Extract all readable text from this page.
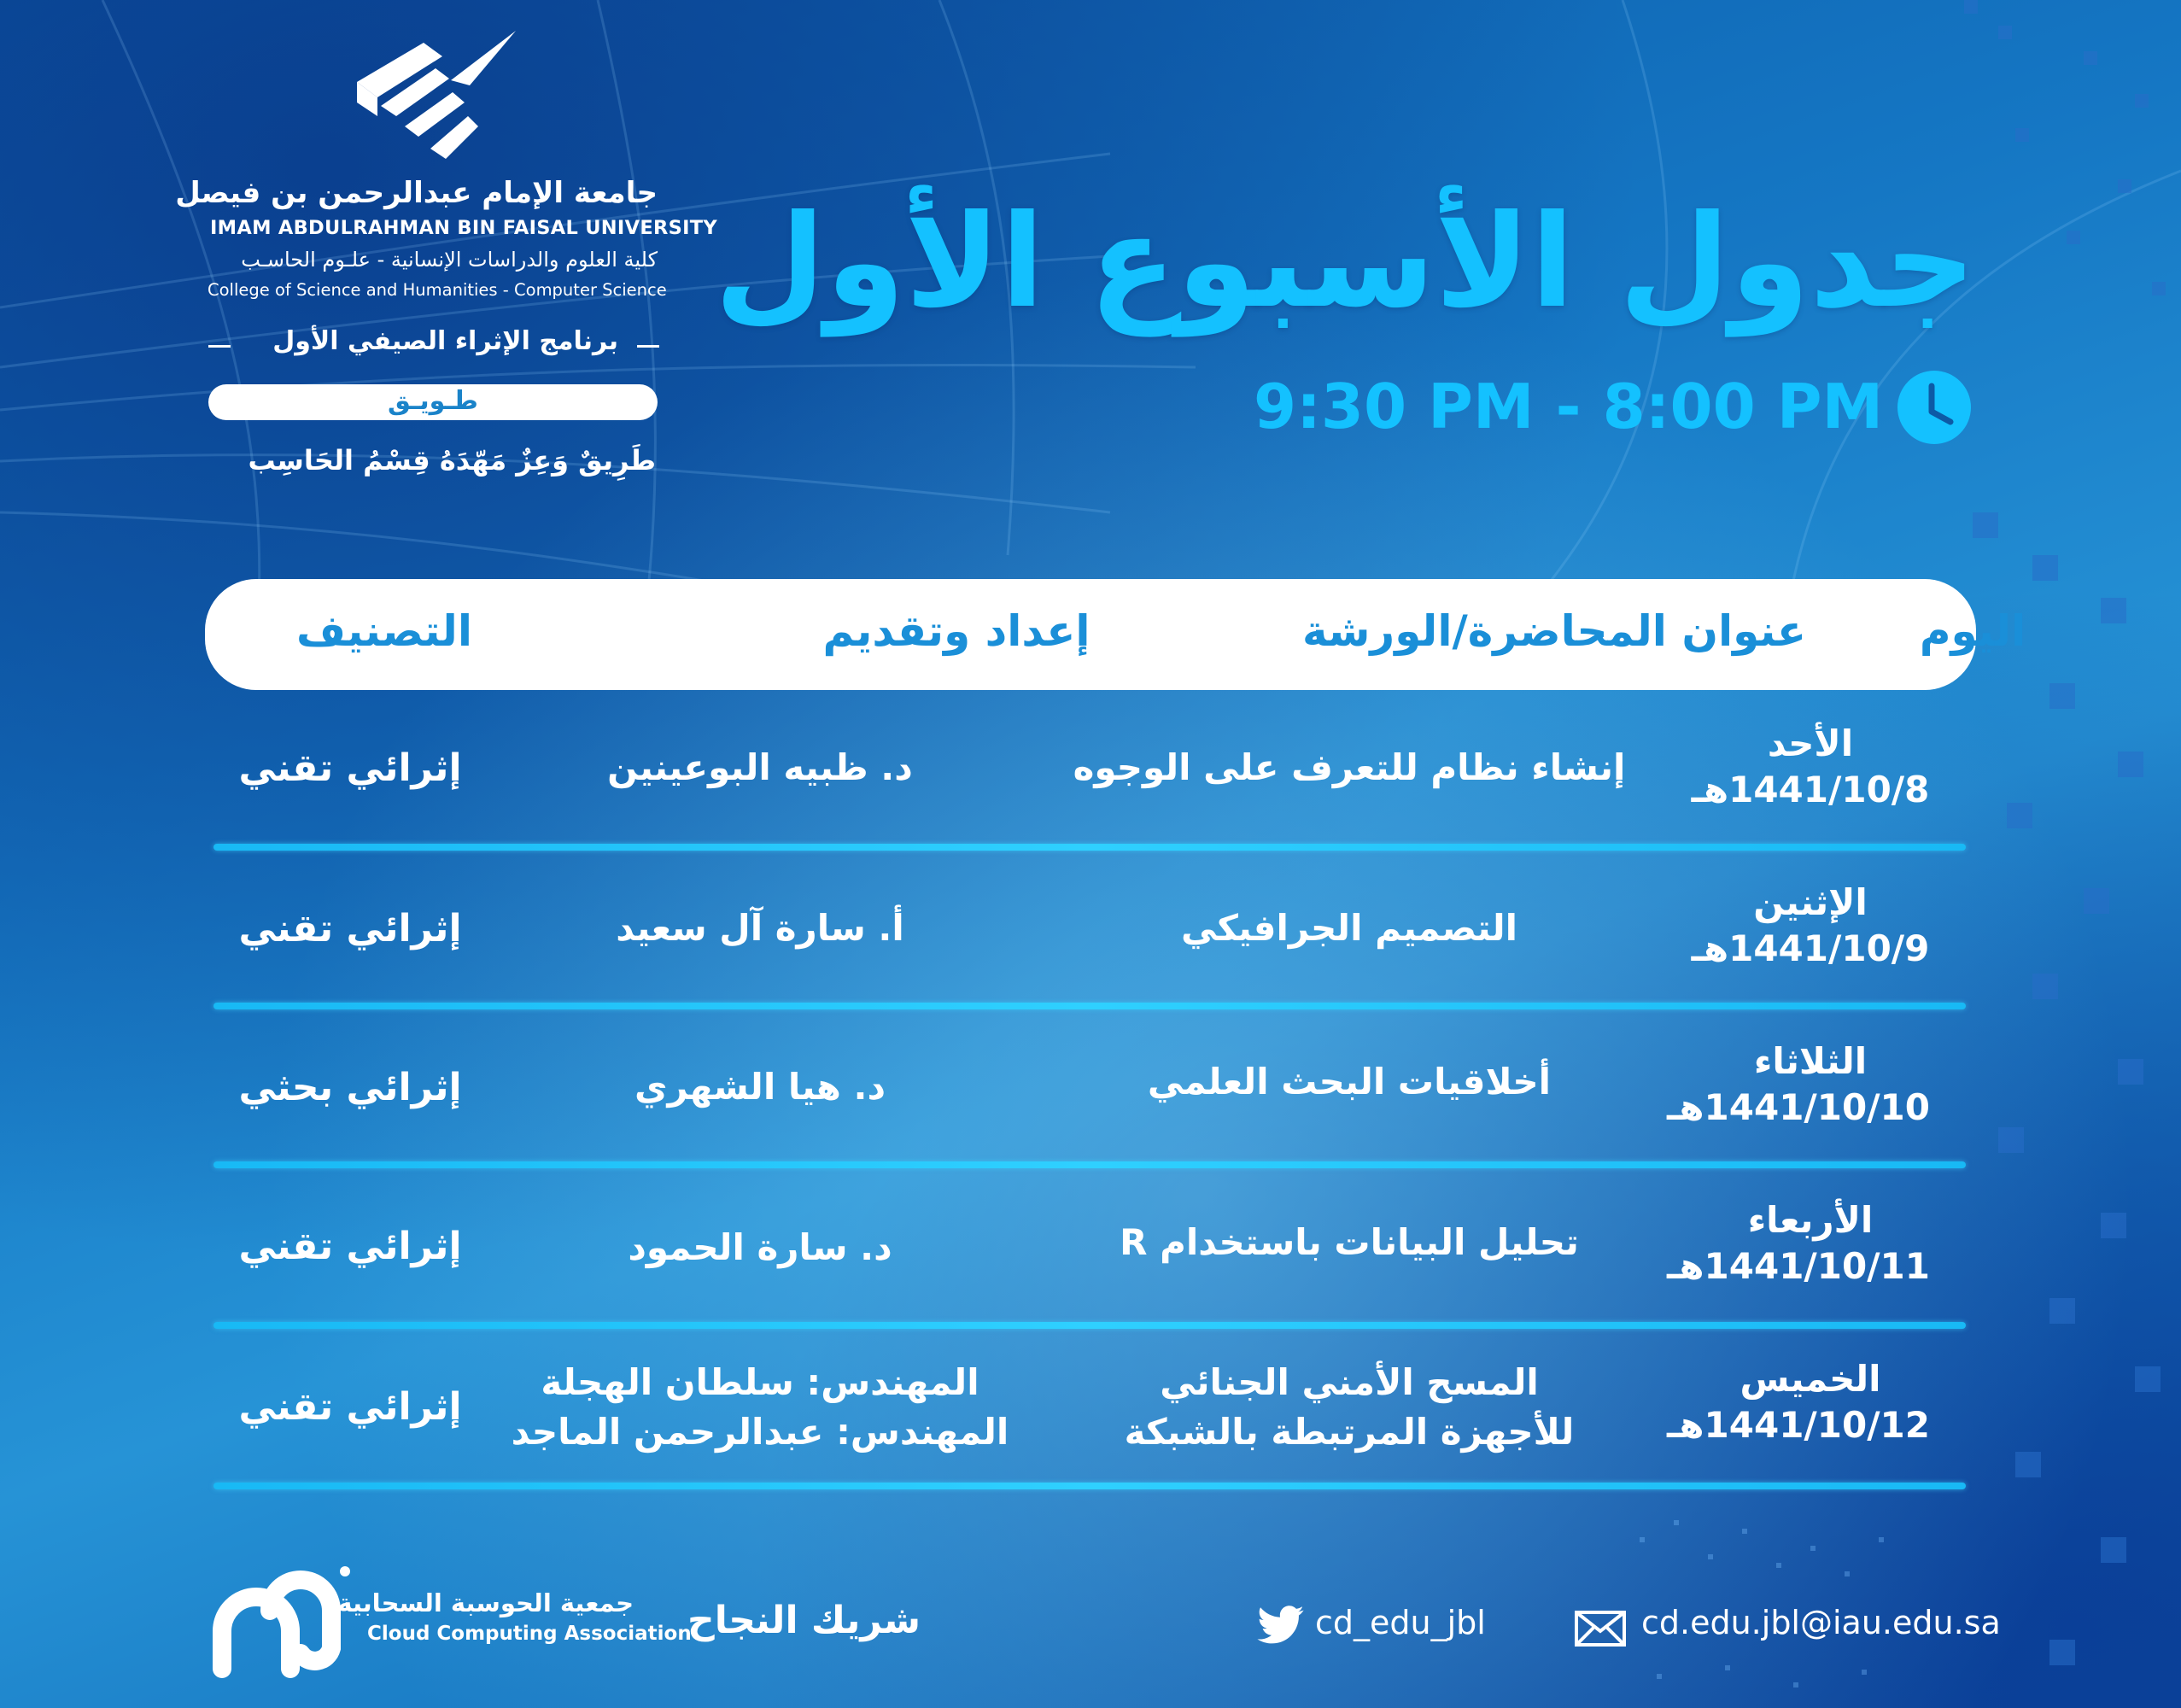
جامعة الإمام عبدالرحمن بن فيصل
IMAM ABDULRAHMAN BIN FAISAL UNIVERSITY
كلية العلوم والدراسات الإنسانية - علـوم الحاسـب
College of Science and Humanities - Computer Science
برنامج الإثراء الصيفي الأول
طـويـق
طَرِيقٌ وَعِزٌ مَهّدَهُ قِسْمُ الحَاسِب
جدول الأسبوع الأول
9:30 PM - 8:00 PM
اليوم
عنوان المحاضرة/الورشة
إعداد وتقديم
التصنيف
الأحد
1441/10/8هـ
إنشاء نظام للتعرف على الوجوه
د. ظبيه البوعينين
إثرائي تقني
الإثنين
1441/10/9هـ
التصميم الجرافيكي
أ. سارة آل سعيد
إثرائي تقني
الثلاثاء
1441/10/10هـ
أخلاقيات البحث العلمي
د. هيا الشهري
إثرائي بحثي
الأربعاء
1441/10/11هـ
تحليل البيانات باستخدام R
د. سارة الحمود
إثرائي تقني
الخميس
1441/10/12هـ
المسح الأمني الجنائي
للأجهزة المرتبطة بالشبكة
المهندس: سلطان الهجلة
المهندس: عبدالرحمن الماجد
إثرائي تقني
جمعية الحوسبة السحابية
Cloud Computing Association
شريك النجاح	cd_edu_jbl	cd.edu.jbl@iau.edu.sa
